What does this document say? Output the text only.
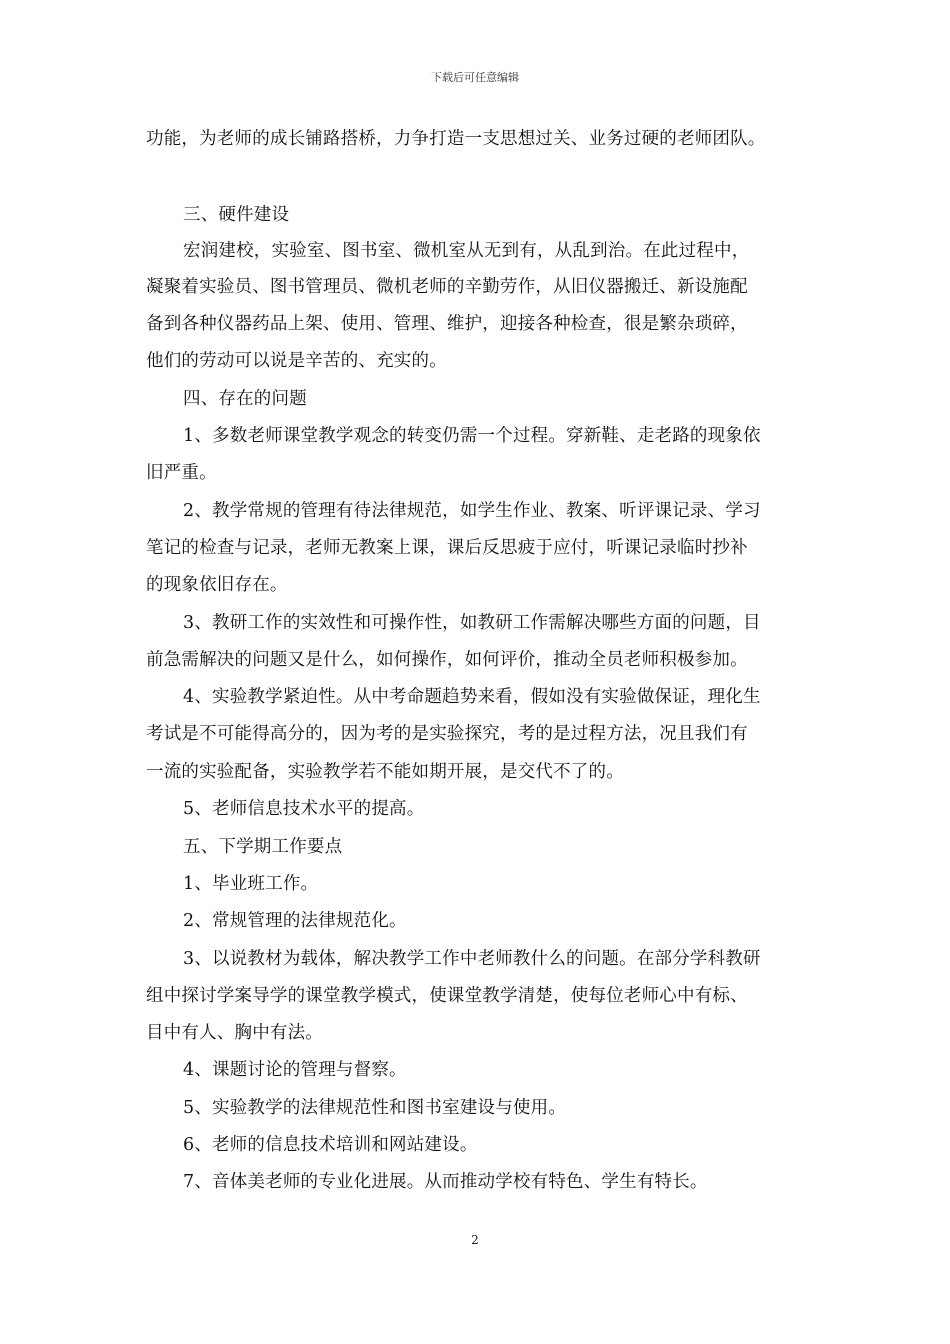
下载后可任意编辑
功能，为老师的成长铺路搭桥，力争打造一支思想过关、业务过硬的老师团队。
三、硬件建设
宏润建校，实验室、图书室、微机室从无到有，从乱到治。在此过程中，
凝聚着实验员、图书管理员、微机老师的辛勤劳作，从旧仪器搬迁、新设施配
备到各种仪器药品上架、使用、管理、维护，迎接各种检查，很是繁杂琐碎，
他们的劳动可以说是辛苦的、充实的。
四、存在的问题
1、多数老师课堂教学观念的转变仍需一个过程。穿新鞋、走老路的现象依
旧严重。
2、教学常规的管理有待法律规范，如学生作业、教案、听评课记录、学习
笔记的检查与记录，老师无教案上课，课后反思疲于应付，听课记录临时抄补
的现象依旧存在。
3、教研工作的实效性和可操作性，如教研工作需解决哪些方面的问题，目
前急需解决的问题又是什么，如何操作，如何评价，推动全员老师积极参加。
4、实验教学紧迫性。从中考命题趋势来看，假如没有实验做保证，理化生
考试是不可能得高分的，因为考的是实验探究，考的是过程方法，况且我们有
一流的实验配备，实验教学若不能如期开展，是交代不了的。
5、老师信息技术水平的提高。
五、下学期工作要点
1、毕业班工作。
2、常规管理的法律规范化。
3、以说教材为载体，解决教学工作中老师教什么的问题。在部分学科教研
组中探讨学案导学的课堂教学模式，使课堂教学清楚，使每位老师心中有标、
目中有人、胸中有法。
4、课题讨论的管理与督察。
5、实验教学的法律规范性和图书室建设与使用。
6、老师的信息技术培训和网站建设。
7、音体美老师的专业化进展。从而推动学校有特色、学生有特长。
2
